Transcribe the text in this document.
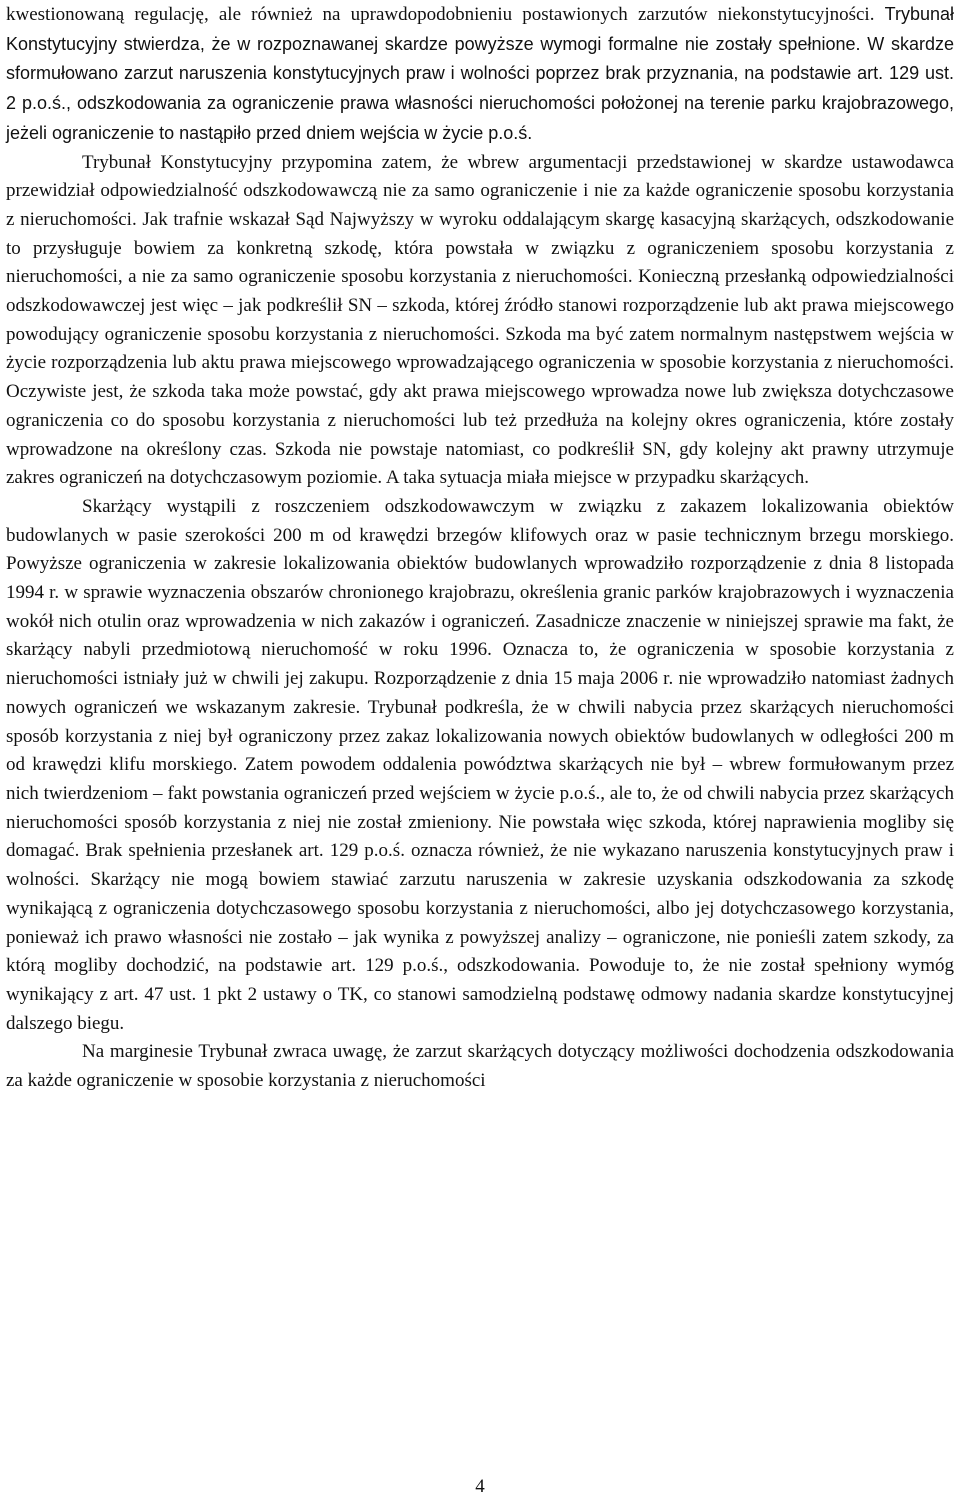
kwestionowaną regulację, ale również na uprawdopodobnieniu postawionych zarzutów niekonstytucyjności. Trybunał Konstytucyjny stwierdza, że w rozpoznawanej skardze powyższe wymogi formalne nie zostały spełnione. W skardze sformułowano zarzut naruszenia konstytucyjnych praw i wolności poprzez brak przyznania, na podstawie art. 129 ust. 2 p.o.ś., odszkodowania za ograniczenie prawa własności nieruchomości położonej na terenie parku krajobrazowego, jeżeli ograniczenie to nastąpiło przed dniem wejścia w życie p.o.ś.

Trybunał Konstytucyjny przypomina zatem, że wbrew argumentacji przedstawionej w skardze ustawodawca przewidział odpowiedzialność odszkodowawczą nie za samo ograniczenie i nie za każde ograniczenie sposobu korzystania z nieruchomości. Jak trafnie wskazał Sąd Najwyższy w wyroku oddalającym skargę kasacyjną skarżących, odszkodowanie to przysługuje bowiem za konkretną szkodę, która powstała w związku z ograniczeniem sposobu korzystania z nieruchomości, a nie za samo ograniczenie sposobu korzystania z nieruchomości. Konieczną przesłanką odpowiedzialności odszkodowawczej jest więc – jak podkreślił SN – szkoda, której źródło stanowi rozporządzenie lub akt prawa miejscowego powodujący ograniczenie sposobu korzystania z nieruchomości. Szkoda ma być zatem normalnym następstwem wejścia w życie rozporządzenia lub aktu prawa miejscowego wprowadzającego ograniczenia w sposobie korzystania z nieruchomości. Oczywiste jest, że szkoda taka może powstać, gdy akt prawa miejscowego wprowadza nowe lub zwiększa dotychczasowe ograniczenia co do sposobu korzystania z nieruchomości lub też przedłuża na kolejny okres ograniczenia, które zostały wprowadzone na określony czas. Szkoda nie powstaje natomiast, co podkreślił SN, gdy kolejny akt prawny utrzymuje zakres ograniczeń na dotychczasowym poziomie. A taka sytuacja miała miejsce w przypadku skarżących.

Skarżący wystąpili z roszczeniem odszkodowawczym w związku z zakazem lokalizowania obiektów budowlanych w pasie szerokości 200 m od krawędzi brzegów klifowych oraz w pasie technicznym brzegu morskiego. Powyższe ograniczenia w zakresie lokalizowania obiektów budowlanych wprowadziło rozporządzenie z dnia 8 listopada 1994 r. w sprawie wyznaczenia obszarów chronionego krajobrazu, określenia granic parków krajobrazowych i wyznaczenia wokół nich otulin oraz wprowadzenia w nich zakazów i ograniczeń. Zasadnicze znaczenie w niniejszej sprawie ma fakt, że skarżący nabyli przedmiotową nieruchomość w roku 1996. Oznacza to, że ograniczenia w sposobie korzystania z nieruchomości istniały już w chwili jej zakupu. Rozporządzenie z dnia 15 maja 2006 r. nie wprowadziło natomiast żadnych nowych ograniczeń we wskazanym zakresie. Trybunał podkreśla, że w chwili nabycia przez skarżących nieruchomości sposób korzystania z niej był ograniczony przez zakaz lokalizowania nowych obiektów budowlanych w odległości 200 m od krawędzi klifu morskiego. Zatem powodem oddalenia powództwa skarżących nie był – wbrew formułowanym przez nich twierdzeniom – fakt powstania ograniczeń przed wejściem w życie p.o.ś., ale to, że od chwili nabycia przez skarżących nieruchomości sposób korzystania z niej nie został zmieniony. Nie powstała więc szkoda, której naprawienia mogliby się domagać. Brak spełnienia przesłanek art. 129 p.o.ś. oznacza również, że nie wykazano naruszenia konstytucyjnych praw i wolności. Skarżący nie mogą bowiem stawiać zarzutu naruszenia w zakresie uzyskania odszkodowania za szkodę wynikającą z ograniczenia dotychczasowego sposobu korzystania z nieruchomości, albo jej dotychczasowego korzystania, ponieważ ich prawo własności nie zostało – jak wynika z powyższej analizy – ograniczone, nie ponieśli zatem szkody, za którą mogliby dochodzić, na podstawie art. 129 p.o.ś., odszkodowania. Powoduje to, że nie został spełniony wymóg wynikający z art. 47 ust. 1 pkt 2 ustawy o TK, co stanowi samodzielną podstawę odmowy nadania skardze konstytucyjnej dalszego biegu.

Na marginesie Trybunał zwraca uwagę, że zarzut skarżących dotyczący możliwości dochodzenia odszkodowania za każde ograniczenie w sposobie korzystania z nieruchomości

4
